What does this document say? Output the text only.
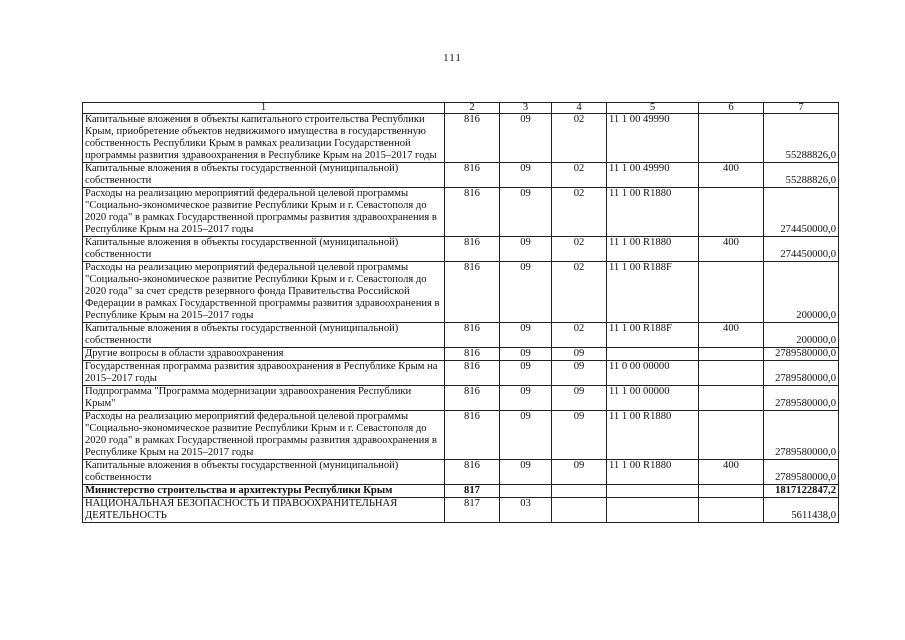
111
1	2	3	4	5	6	7
Капитальные вложения в объекты капитального строительства Республики Крым, приобретение объектов недвижимого имущества в государственную собственность Республики Крым в рамках реализации Государственной программы развития здравоохранения в Республике Крым на 2015–2017 годы	816	09	02	11 1 00 49990		55288826,0
Капитальные вложения в объекты государственной (муниципальной) собственности	816	09	02	11 1 00 49990	400	55288826,0
Расходы на реализацию мероприятий федеральной целевой программы "Социально-экономическое развитие Республики Крым и г. Севастополя до 2020 года" в рамках Государственной программы развития здравоохранения в Республике Крым на 2015–2017 годы	816	09	02	11 1 00 R1880		274450000,0
Капитальные вложения в объекты государственной (муниципальной) собственности	816	09	02	11 1 00 R1880	400	274450000,0
Расходы на реализацию мероприятий федеральной целевой программы "Социально-экономическое развитие Республики Крым и г. Севастополя до 2020 года" за счет средств резервного фонда Правительства Российской Федерации в рамках Государственной программы развития здравоохранения в Республике Крым на 2015–2017 годы	816	09	02	11 1 00 R188F		200000,0
Капитальные вложения в объекты государственной (муниципальной) собственности	816	09	02	11 1 00 R188F	400	200000,0
Другие вопросы в области здравоохранения	816	09	09			2789580000,0
Государственная программа развития здравоохранения в Республике Крым на 2015–2017 годы	816	09	09	11 0 00 00000		2789580000,0
Подпрограмма "Программа модернизации здравоохранения Республики Крым"	816	09	09	11 1 00 00000		2789580000,0
Расходы на реализацию мероприятий федеральной целевой программы "Социально-экономическое развитие Республики Крым и г. Севастополя до 2020 года" в рамках Государственной программы развития здравоохранения в Республике Крым на 2015–2017 годы	816	09	09	11 1 00 R1880		2789580000,0
Капитальные вложения в объекты государственной (муниципальной) собственности	816	09	09	11 1 00 R1880	400	2789580000,0
Министерство строительства и архитектуры Республики Крым	817					1817122847,2
НАЦИОНАЛЬНАЯ БЕЗОПАСНОСТЬ И ПРАВООХРАНИТЕЛЬНАЯ ДЕЯТЕЛЬНОСТЬ	817	03				5611438,0
